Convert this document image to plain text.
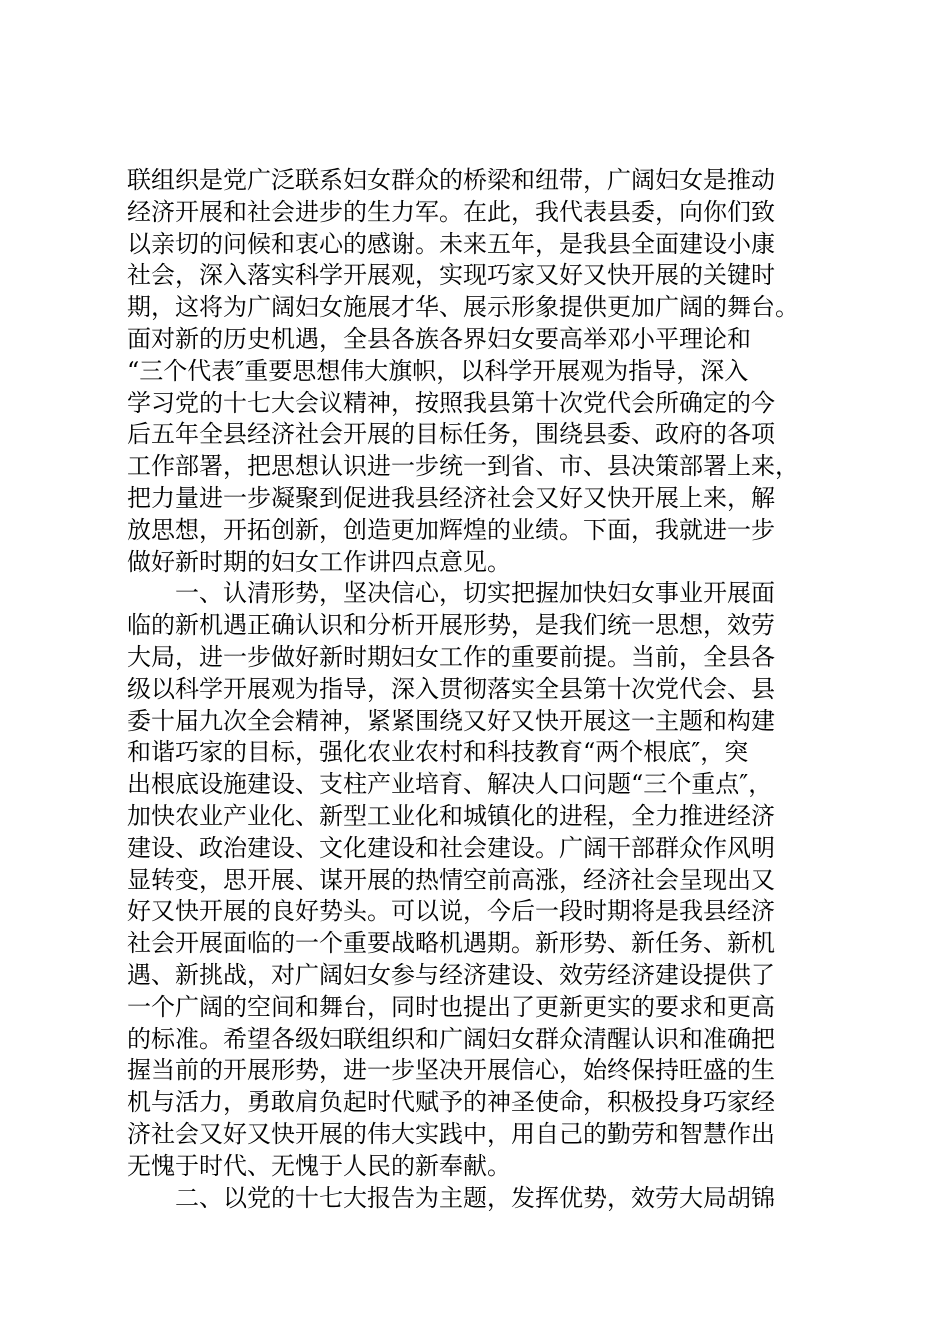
联组织是党广泛联系妇女群众的桥梁和纽带，广阔妇女是推动
经济开展和社会进步的生力军。在此，我代表县委，向你们致
以亲切的问候和衷心的感谢。未来五年，是我县全面建设小康
社会，深入落实科学开展观，实现巧家又好又快开展的关键时
期，这将为广阔妇女施展才华、展示形象提供更加广阔的舞台。
面对新的历史机遇，全县各族各界妇女要高举邓小平理论和
“三个代表″重要思想伟大旗帜，以科学开展观为指导，深入
学习党的十七大会议精神，按照我县第十次党代会所确定的今
后五年全县经济社会开展的目标任务，围绕县委、政府的各项
工作部署，把思想认识进一步统一到省、市、县决策部署上来，
把力量进一步凝聚到促进我县经济社会又好又快开展上来，解
放思想，开拓创新，创造更加辉煌的业绩。下面，我就进一步
做好新时期的妇女工作讲四点意见。
　　一、认清形势，坚决信心，切实把握加快妇女事业开展面
临的新机遇正确认识和分析开展形势，是我们统一思想，效劳
大局，进一步做好新时期妇女工作的重要前提。当前，全县各
级以科学开展观为指导，深入贯彻落实全县第十次党代会、县
委十届九次全会精神，紧紧围绕又好又快开展这一主题和构建
和谐巧家的目标，强化农业农村和科技教育“两个根底″，突
出根底设施建设、支柱产业培育、解决人口问题“三个重点″，
加快农业产业化、新型工业化和城镇化的进程，全力推进经济
建设、政治建设、文化建设和社会建设。广阔干部群众作风明
显转变，思开展、谋开展的热情空前高涨，经济社会呈现出又
好又快开展的良好势头。可以说，今后一段时期将是我县经济
社会开展面临的一个重要战略机遇期。新形势、新任务、新机
遇、新挑战，对广阔妇女参与经济建设、效劳经济建设提供了
一个广阔的空间和舞台，同时也提出了更新更实的要求和更高
的标准。希望各级妇联组织和广阔妇女群众清醒认识和准确把
握当前的开展形势，进一步坚决开展信心，始终保持旺盛的生
机与活力，勇敢肩负起时代赋予的神圣使命，积极投身巧家经
济社会又好又快开展的伟大实践中，用自己的勤劳和智慧作出
无愧于时代、无愧于人民的新奉献。
　　二、以党的十七大报告为主题，发挥优势，效劳大局胡锦
